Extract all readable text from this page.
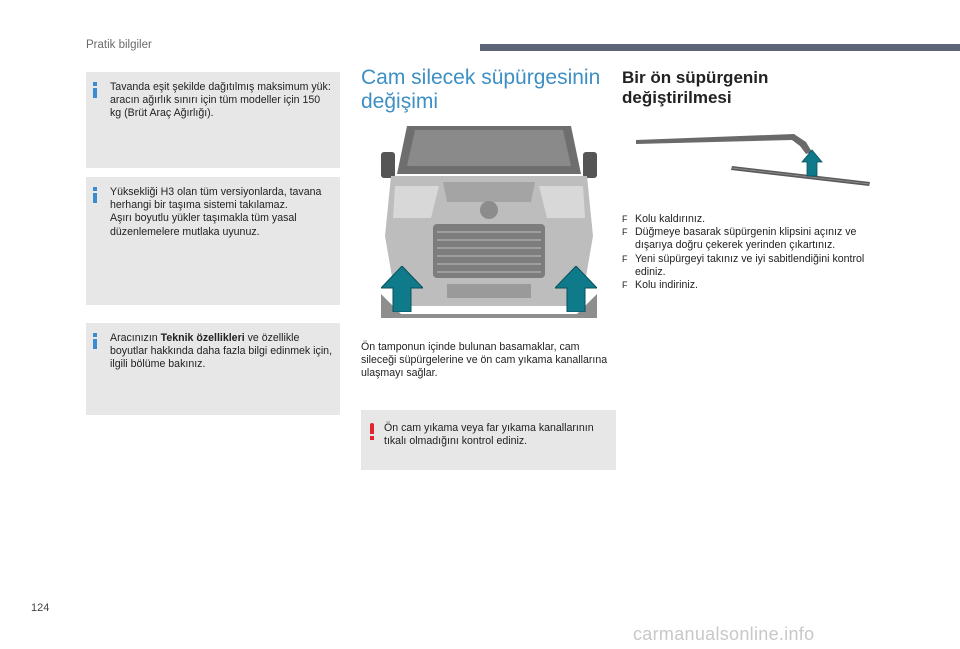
Pratik bilgiler
Tavanda eşit şekilde dağıtılmış maksimum yük: aracın ağırlık sınırı için tüm modeller için 150 kg (Brüt Araç Ağırlığı).
Yüksekliği H3 olan tüm versiyonlarda, tavana herhangi bir taşıma sistemi takılamaz.
Aşırı boyutlu yükler taşımakla tüm yasal düzenlemelere mutlaka uyunuz.
Aracınızın Teknik özellikleri ve özellikle boyutlar hakkında daha fazla bilgi edinmek için, ilgili bölüme bakınız.
Cam silecek süpürgesinin değişimi
Ön tamponun içinde bulunan basamaklar, cam sileceği süpürgelerine ve ön cam yıkama kanallarına ulaşmayı sağlar.
Ön cam yıkama veya far yıkama kanallarının tıkalı olmadığını kontrol ediniz.
Bir ön süpürgenin değiştirilmesi
F Kolu kaldırınız.
F Düğmeye basarak süpürgenin klipsini açınız ve dışarıya doğru çekerek yerinden çıkartınız.
F Yeni süpürgeyi takınız ve iyi sabitlendiğini kontrol ediniz.
F Kolu indiriniz.
124
carmanualsonline.info
